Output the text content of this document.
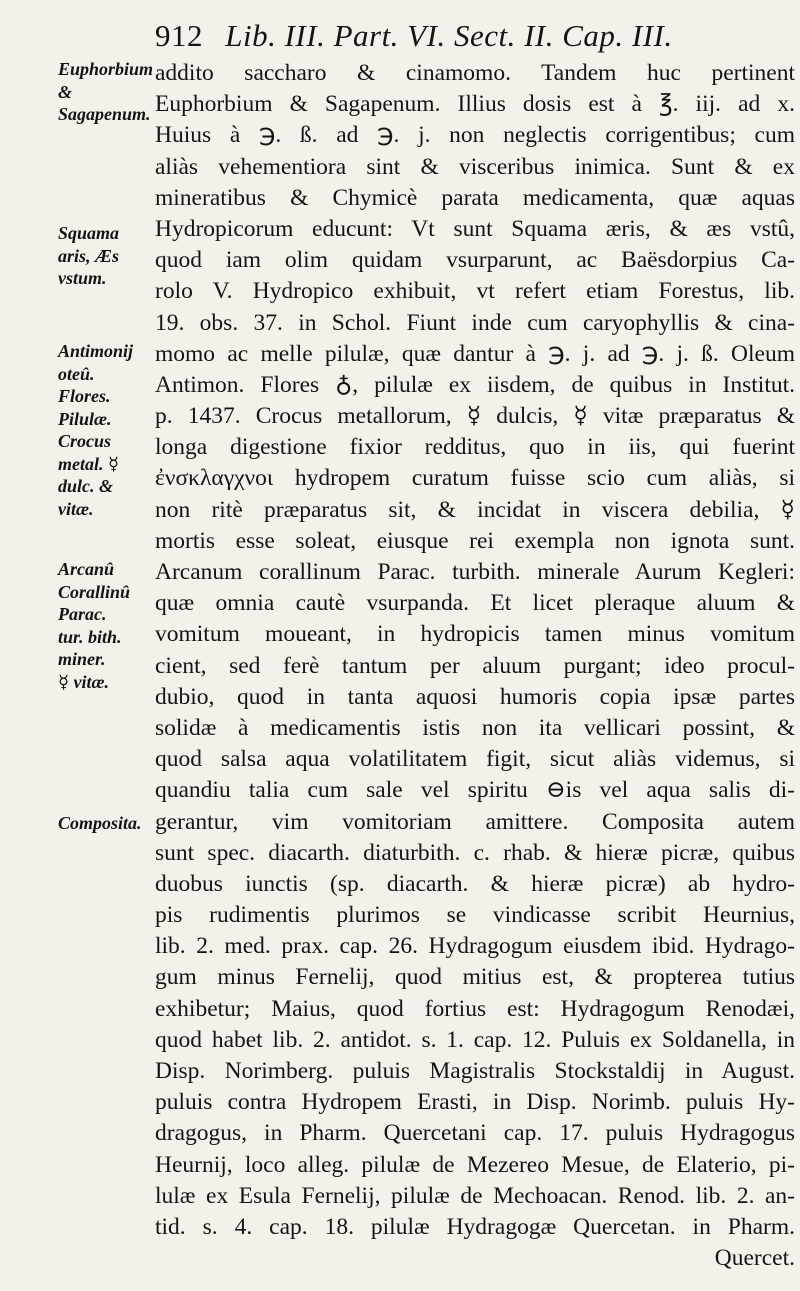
912 Lib. III. Part. VI. Sect. II. Cap. III.
Euphorbium &
Sagapenum.
Squama
aris, Æs
vstum.
Antimonij oteû.
Flores.
Pilulæ.
Crocus
metal. ☿
dulc. &
vitæ.
Arcanû
Corallinû
Parac.
tur. bith.
miner.
☿ vitæ.
Composita.
addito saccharo & cinamomo. Tandem huc pertinent
Euphorbium & Sagapenum. Illius dosis est à ℥. iij. ad x.
Huius à ℈. ß. ad ℈. j. non neglectis corrigentibus; cum
aliàs vehementiora sint & visceribus inimica. Sunt & ex
mineratibus & Chymicè parata medicamenta, quæ aquas
Hydropicorum educunt: Vt sunt Squama æris, & æs vstû,
quod iam olim quidam vsurparunt, ac Baësdorpius Ca-
rolo V. Hydropico exhibuit, vt refert etiam Forestus, lib.
19. obs. 37. in Schol. Fiunt inde cum caryophyllis & cina-
momo ac melle pilulæ, quæ dantur à ℈. j. ad ℈. j. ß. Oleum
Antimon. Flores ♁, pilulæ ex iisdem, de quibus in Institut.
p. 1437. Crocus metallorum, ☿ dulcis, ☿ vitæ præparatus &
longa digestione fixior redditus, quo in iis, qui fuerint
ἐνσκλαγχνοι hydropem curatum fuisse scio cum aliàs, si
non ritè præparatus sit, & incidat in viscera debilia, ☿
mortis esse soleat, eiusque rei exempla non ignota sunt.
Arcanum corallinum Parac. turbith. minerale Aurum Kegleri:
quæ omnia cautè vsurpanda. Et licet pleraque aluum &
vomitum moueant, in hydropicis tamen minus vomitum
cient, sed ferè tantum per aluum purgant; ideo procul-
dubio, quod in tanta aquosi humoris copia ipsæ partes
solidæ à medicamentis istis non ita vellicari possint, &
quod salsa aqua volatilitatem figit, sicut aliàs videmus, si
quandiu talia cum sale vel spiritu ⊖is vel aqua salis di-
gerantur, vim vomitoriam amittere. Composita autem
sunt spec. diacarth. diaturbith. c. rhab. & hieræ picræ, quibus
duobus iunctis (sp. diacarth. & hieræ picræ) ab hydro-
pis rudimentis plurimos se vindicasse scribit Heurnius,
lib. 2. med. prax. cap. 26. Hydragogum eiusdem ibid. Hydrago-
gum minus Fernelij, quod mitius est, & propterea tutius
exhibetur; Maius, quod fortius est: Hydragogum Renodæi,
quod habet lib. 2. antidot. s. 1. cap. 12. Puluis ex Soldanella, in
Disp. Norimberg. puluis Magistralis Stockstaldij in August.
puluis contra Hydropem Erasti, in Disp. Norimb. puluis Hy-
dragogus, in Pharm. Quercetani cap. 17. puluis Hydragogus
Heurnij, loco alleg. pilulæ de Mezereo Mesue, de Elaterio, pi-
lulæ ex Esula Fernelij, pilulæ de Mechoacan. Renod. lib. 2. an-
tid. s. 4. cap. 18. pilulæ Hydragogæ Quercetan. in Pharm.
Quercet.
